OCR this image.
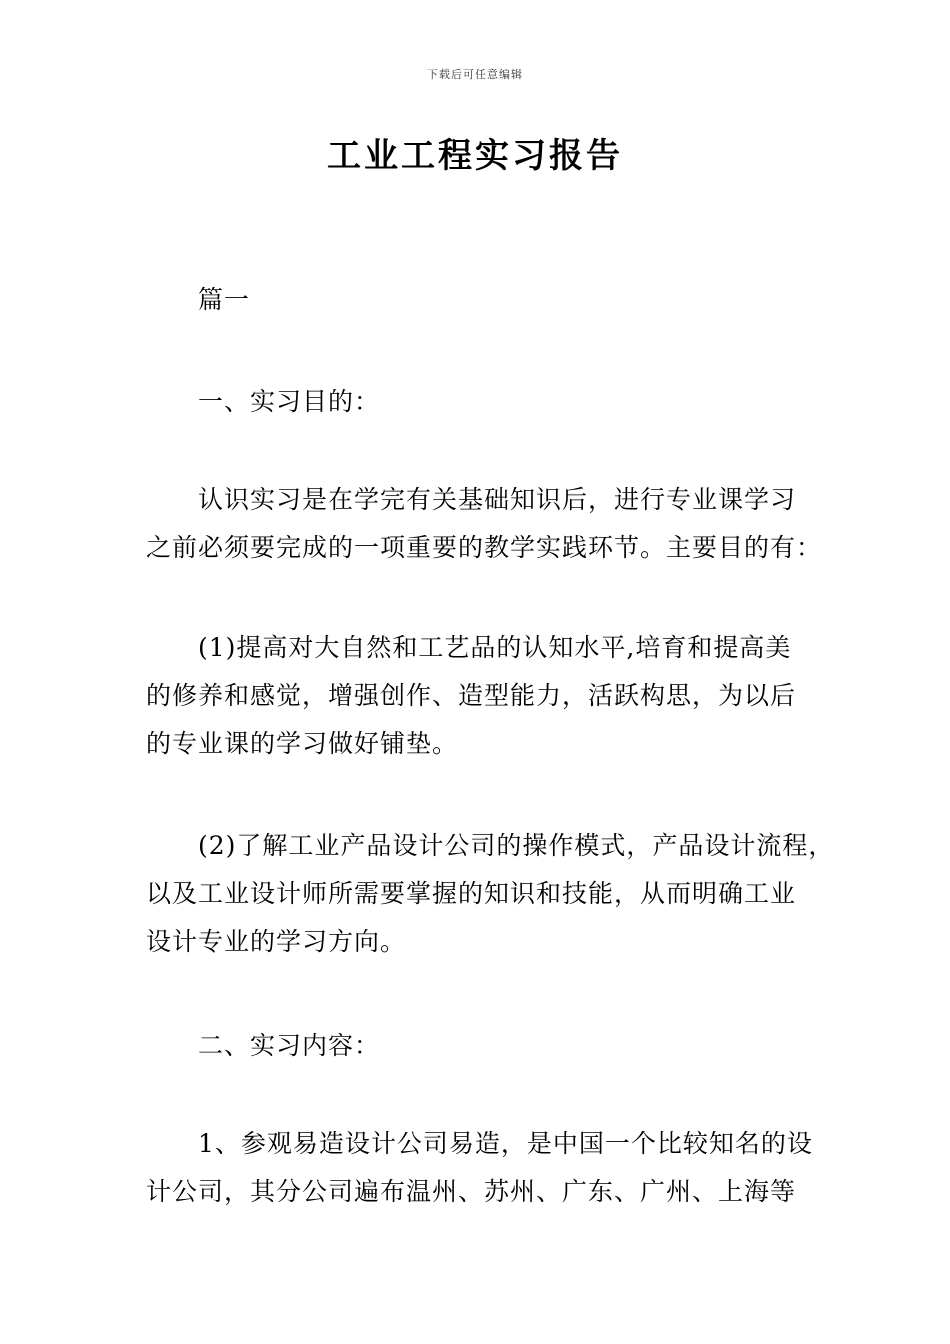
下载后可任意编辑
工业工程实习报告
篇一
一、实习目的：
认识实习是在学完有关基础知识后，进行专业课学习
之前必须要完成的一项重要的教学实践环节。主要目的有：
(1)提高对大自然和工艺品的认知水平,培育和提高美
的修养和感觉，增强创作、造型能力，活跃构思，为以后
的专业课的学习做好铺垫。
(2)了解工业产品设计公司的操作模式，产品设计流程，
以及工业设计师所需要掌握的知识和技能，从而明确工业
设计专业的学习方向。
二、实习内容：
1、参观易造设计公司易造，是中国一个比较知名的设
计公司，其分公司遍布温州、苏州、广东、广州、上海等
